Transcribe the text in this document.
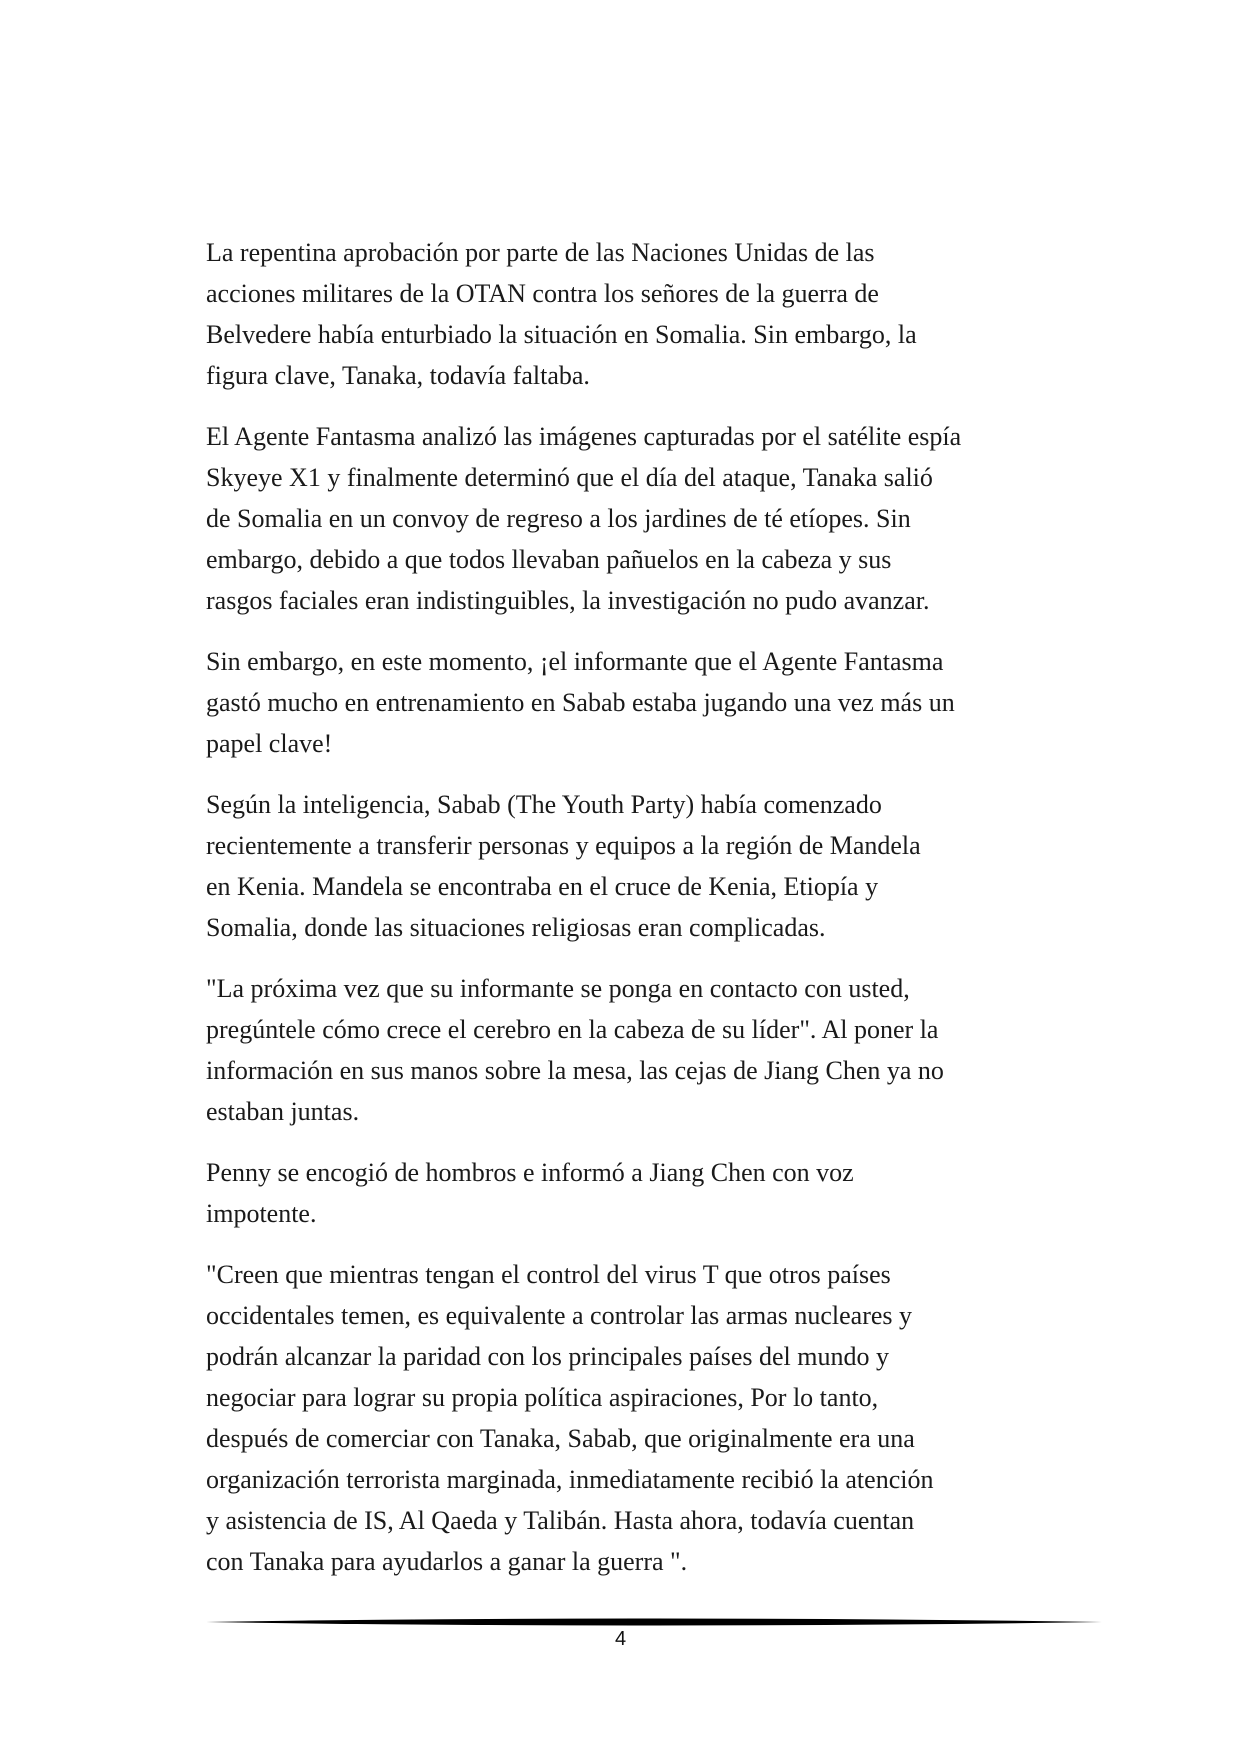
La repentina aprobación por parte de las Naciones Unidas de las
acciones militares de la OTAN contra los señores de la guerra de
Belvedere había enturbiado la situación en Somalia. Sin embargo, la
figura clave, Tanaka, todavía faltaba.

El Agente Fantasma analizó las imágenes capturadas por el satélite espía
Skyeye X1 y finalmente determinó que el día del ataque, Tanaka salió
de Somalia en un convoy de regreso a los jardines de té etíopes. Sin
embargo, debido a que todos llevaban pañuelos en la cabeza y sus
rasgos faciales eran indistinguibles, la investigación no pudo avanzar.

Sin embargo, en este momento, ¡el informante que el Agente Fantasma
gastó mucho en entrenamiento en Sabab estaba jugando una vez más un
papel clave!

Según la inteligencia, Sabab (The Youth Party) había comenzado
recientemente a transferir personas y equipos a la región de Mandela
en Kenia. Mandela se encontraba en el cruce de Kenia, Etiopía y
Somalia, donde las situaciones religiosas eran complicadas.

"La próxima vez que su informante se ponga en contacto con usted,
pregúntele cómo crece el cerebro en la cabeza de su líder". Al poner la
información en sus manos sobre la mesa, las cejas de Jiang Chen ya no
estaban juntas.

Penny se encogió de hombros e informó a Jiang Chen con voz
impotente.

"Creen que mientras tengan el control del virus T que otros países
occidentales temen, es equivalente a controlar las armas nucleares y
podrán alcanzar la paridad con los principales países del mundo y
negociar para lograr su propia política aspiraciones, Por lo tanto,
después de comerciar con Tanaka, Sabab, que originalmente era una
organización terrorista marginada, inmediatamente recibió la atención
y asistencia de IS, Al Qaeda y Talibán. Hasta ahora, todavía cuentan
con Tanaka para ayudarlos a ganar la guerra ".

4
